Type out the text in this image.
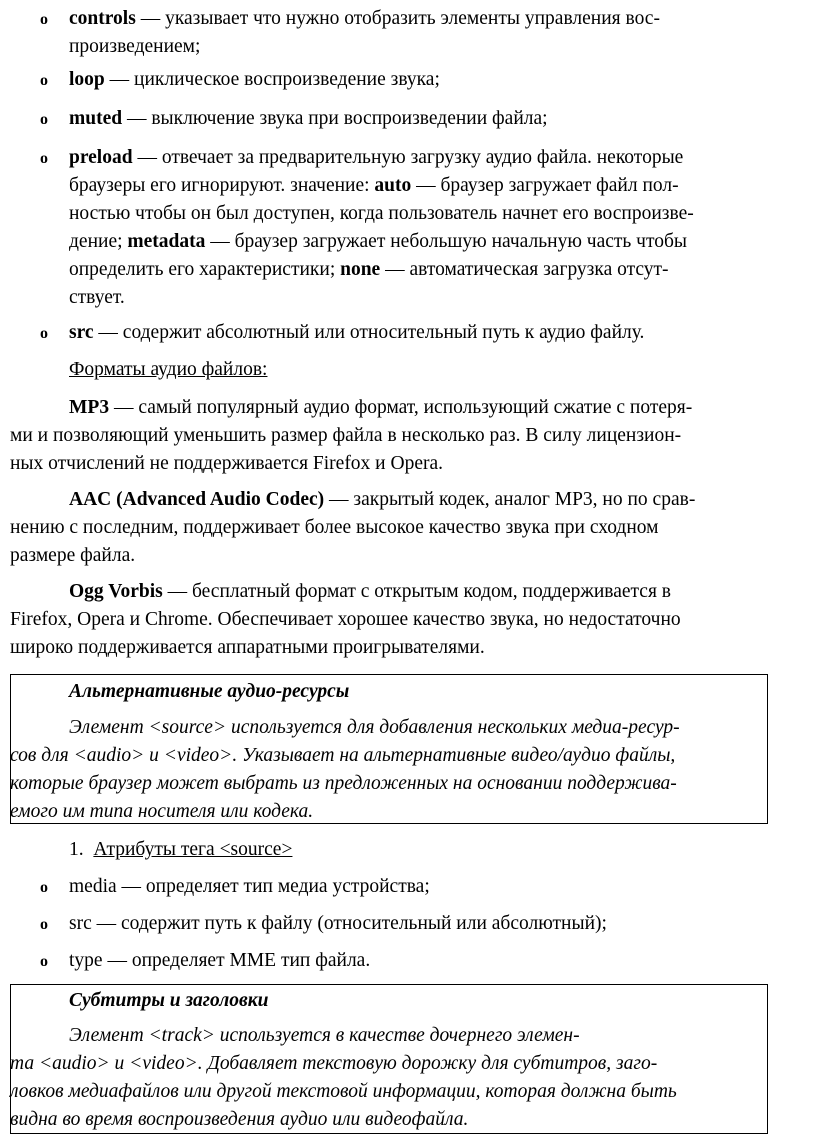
o controls — указывает что нужно отобразить элементы управления вос-
произведением;
o loop — циклическое воспроизведение звука;
o muted — выключение звука при воспроизведении файла;
o preload — отвечает за предварительную загрузку аудио файла. некоторые
браузеры его игнорируют. значение: auto — браузер загружает файл пол-
ностью чтобы он был доступен, когда пользователь начнет его воспроизве-
дение; metadata — браузер загружает небольшую начальную часть чтобы
определить его характеристики; none — автоматическая загрузка отсут-
ствует.
o src — содержит абсолютный или относительный путь к аудио файлу.
Форматы аудио файлов:
MP3 — самый популярный аудио формат, использующий сжатие с потеря-
ми и позволяющий уменьшить размер файла в несколько раз. В силу лицензион-
ных отчислений не поддерживается Firefox и Opera.
AAC (Advanced Audio Codec) — закрытый кодек, аналог MP3, но по срав-
нению с последним, поддерживает более высокое качество звука при сходном
размере файла.
Ogg Vorbis — бесплатный формат с открытым кодом, поддерживается в
Firefox, Opera и Chrome. Обеспечивает хорошее качество звука, но недостаточно
широко поддерживается аппаратными проигрывателями.
Альтернативные аудио-ресурсы
Элемент <source> используется для добавления нескольких медиа-ресур-
сов для <audio> и <video>. Указывает на альтернативные видео/аудио файлы,
которые браузер может выбрать из предложенных на основании поддержива-
емого им типа носителя или кодека.
1. Атрибуты тега <source>
o media — определяет тип медиа устройства;
o src — содержит путь к файлу (относительный или абсолютный);
o type — определяет MME тип файла.
Субтитры и заголовки
Элемент <track> используется в качестве дочернего элемен-
та <audio> и <video>. Добавляет текстовую дорожку для субтитров, заго-
ловков медиафайлов или другой текстовой информации, которая должна быть
видна во время воспроизведения аудио или видеофайла.
